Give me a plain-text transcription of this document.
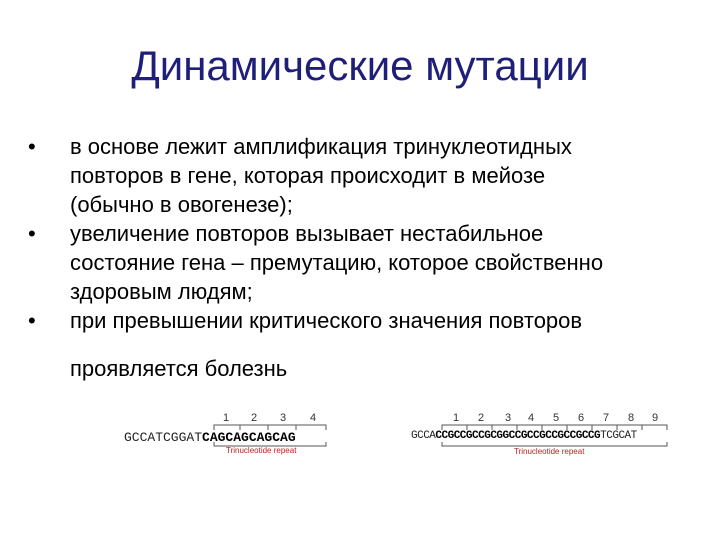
Динамические мутации
•	в основе лежит амплификация тринуклеотидных
повторов в гене, которая происходит в мейозе
(обычно в овогенезе);
•	увеличение повторов вызывает нестабильное
состояние гена – премутацию, которое свойственно
здоровым людям;
•	при превышении критического значения повторов
проявляется болезнь
1 2 3 4
GCCATCGGATCAGCAGCAGCAG
Trinucleotide repeat
1 2 3 4 5 6 7 8 9
GCCACCGCCGCCGCGGCCGCCGCCGCCGCCGTCGCAT
Trinucleotide repeat
